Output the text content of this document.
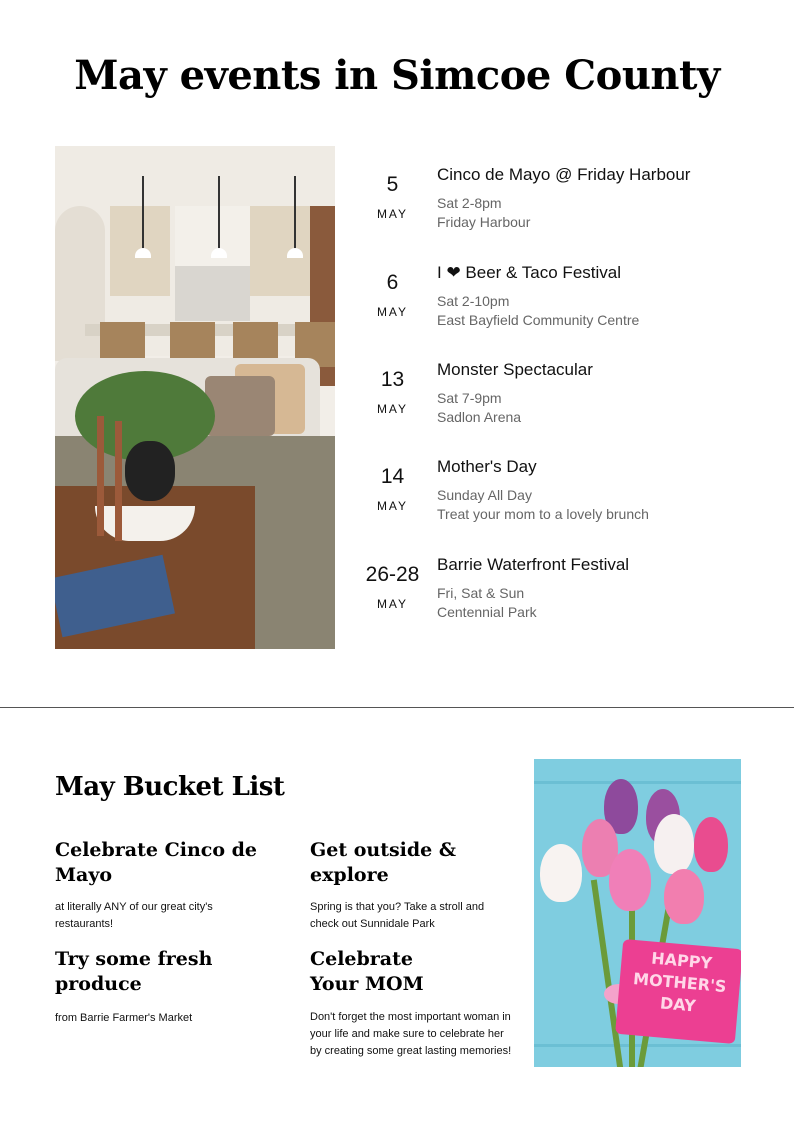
May events in Simcoe County
5
MAY
Cinco de Mayo @ Friday Harbour
Sat 2-8pm
Friday Harbour
6
MAY
I ❤ Beer & Taco Festival
Sat 2-10pm
East Bayfield Community Centre
13
MAY
Monster Spectacular
Sat 7-9pm
Sadlon Arena
14
MAY
Mother's Day
Sunday All Day
Treat your mom to a lovely brunch
26-28
MAY
Barrie Waterfront Festival
Fri, Sat & Sun
Centennial Park
May Bucket List
Celebrate Cinco de Mayo
at literally ANY of our great city's restaurants!
Get outside & explore
Spring is that you? Take a stroll and check out Sunnidale Park
Try some fresh produce
from Barrie Farmer's Market
Celebrate Your MOM
Don't forget the most important woman in your life and make sure to celebrate her by creating some great lasting memories!
HAPPY
MOTHER'S
DAY
